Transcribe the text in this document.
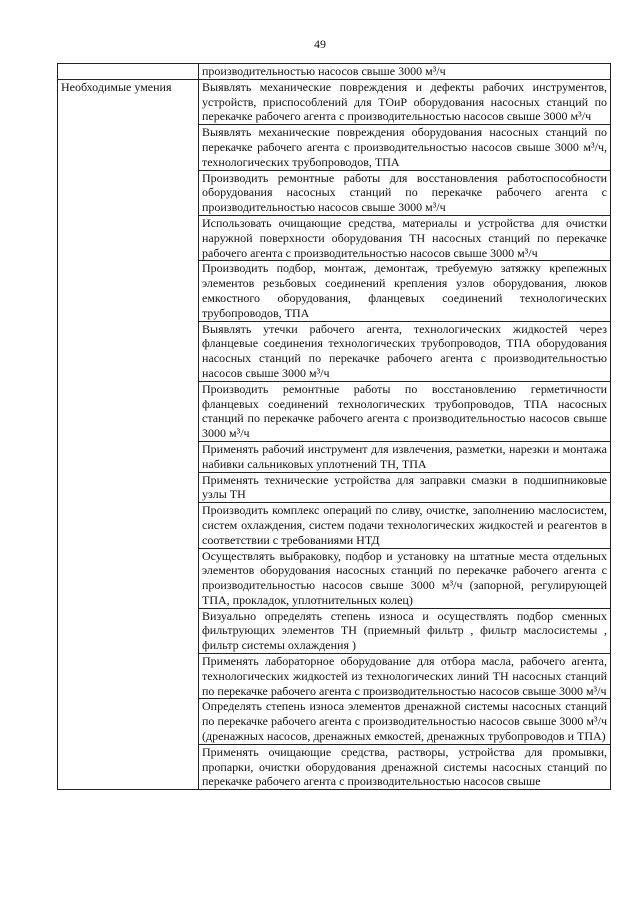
49
	производительностью насосов свыше 3000 м³/ч
Необходимые умения	Выявлять механические повреждения и дефекты рабочих инструментов, устройств, приспособлений для ТОиР оборудования насосных станций по перекачке рабочего агента с производительностью насосов свыше 3000 м³/ч
	Выявлять механические повреждения оборудования насосных станций по перекачке рабочего агента с производительностью насосов свыше 3000 м³/ч, технологических трубопроводов, ТПА
	Производить ремонтные работы для восстановления работоспособности оборудования насосных станций по перекачке рабочего агента с производительностью насосов свыше 3000 м³/ч
	Использовать очищающие средства, материалы и устройства для очистки наружной поверхности оборудования ТН насосных станций по перекачке рабочего агента с производительностью насосов свыше 3000 м³/ч
	Производить подбор, монтаж, демонтаж, требуемую затяжку крепежных элементов резьбовых соединений крепления узлов оборудования, люков емкостного оборудования, фланцевых соединений технологических трубопроводов, ТПА
	Выявлять утечки рабочего агента, технологических жидкостей через фланцевые соединения технологических трубопроводов, ТПА оборудования насосных станций по перекачке рабочего агента с производительностью насосов свыше 3000 м³/ч
	Производить ремонтные работы по восстановлению герметичности фланцевых соединений технологических трубопроводов, ТПА насосных станций по перекачке рабочего агента с производительностью насосов свыше 3000 м³/ч
	Применять рабочий инструмент для извлечения, разметки, нарезки и монтажа набивки сальниковых уплотнений ТН, ТПА
	Применять технические устройства для заправки смазки в подшипниковые узлы ТН
	Производить комплекс операций по сливу, очистке, заполнению маслосистем, систем охлаждения, систем подачи технологических жидкостей и реагентов в соответствии с требованиями НТД
	Осуществлять выбраковку, подбор и установку на штатные места отдельных элементов оборудования насосных станций по перекачке рабочего агента с производительностью насосов свыше 3000 м³/ч (запорной, регулирующей ТПА, прокладок, уплотнительных колец)
	Визуально определять степень износа и осуществлять подбор сменных фильтрующих элементов ТН (приемный фильтр , фильтр маслосистемы , фильтр системы охлаждения )
	Применять лабораторное оборудование для отбора масла, рабочего агента, технологических жидкостей из технологических линий ТН насосных станций по перекачке рабочего агента с производительностью насосов свыше 3000 м³/ч
	Определять степень износа элементов дренажной системы насосных станций по перекачке рабочего агента с производительностью насосов свыше 3000 м³/ч (дренажных насосов, дренажных емкостей, дренажных трубопроводов и ТПА)

	Применять очищающие средства, растворы, устройства для промывки, пропарки, очистки оборудования дренажной системы насосных станций по перекачке рабочего агента с производительностью насосов свыше
